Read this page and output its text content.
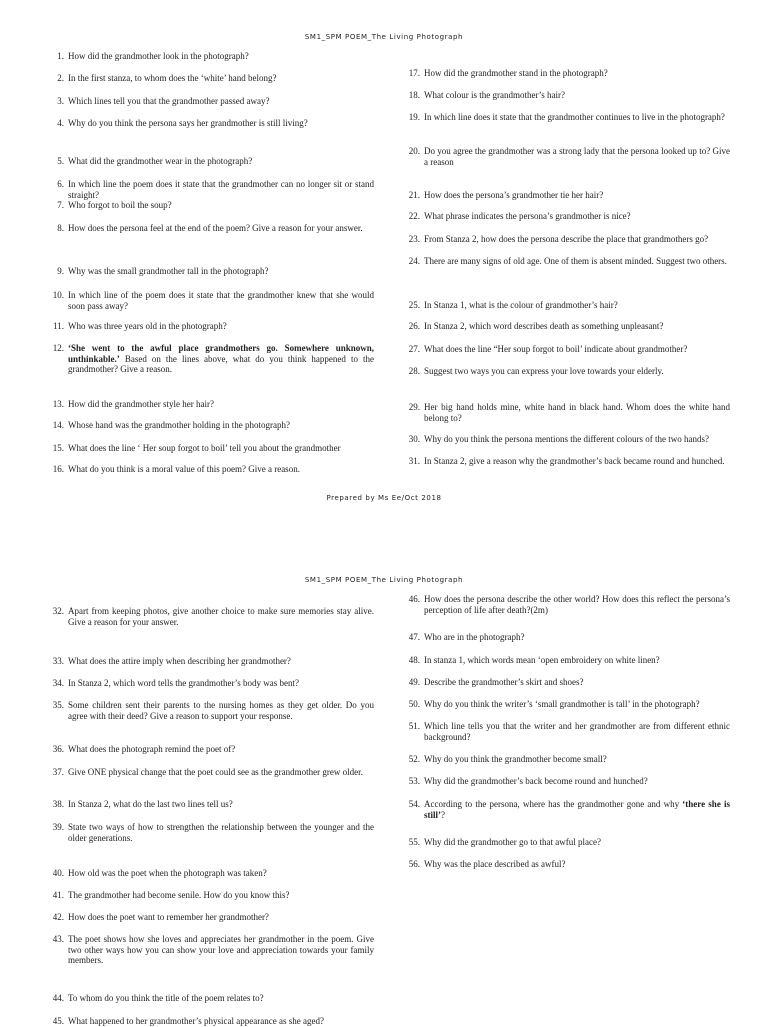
SM1_SPM POEM_The Living Photograph
Prepared by Ms Ee/Oct 2018
SM1_SPM POEM_The Living Photograph
1. How did the grandmother look in the photograph?
2. In the first stanza, to whom does the ‘white’ hand belong?
3. Which lines tell you that the grandmother passed away?
4. Why do you think the persona says her grandmother is still living?
5. What did the grandmother wear in the photograph?
6. In which line the poem does it state that the grandmother can no longer sit or stand straight?
7. Who forgot to boil the soup?
8. How does the persona feel at the end of the poem? Give a reason for your answer.
9. Why was the small grandmother tall in the photograph?
10. In which line of the poem does it state that the grandmother knew that she would soon pass away?
11. Who was three years old in the photograph?
12. ‘She went to the awful place grandmothers go. Somewhere unknown, unthinkable.’ Based on the lines above, what do you think happened to the grandmother? Give a reason.
13. How did the grandmother style her hair?
14. Whose hand was the grandmother holding in the photograph?
15. What does the line ‘ Her soup forgot to boil’ tell you about the grandmother
16. What do you think is a moral value of this poem? Give a reason.
17. How did the grandmother stand in the photograph?
18. What colour is the grandmother’s hair?
19. In which line does it state that the grandmother continues to live in the photograph?
20. Do you agree the grandmother was a strong lady that the persona looked up to? Give a reason
21. How does the persona’s grandmother tie her hair?
22. What phrase indicates the persona’s grandmother is nice?
23. From Stanza 2, how does the persona describe the place that grandmothers go?
24. There are many signs of old age. One of them is absent minded. Suggest two others.
25. In Stanza 1, what is the colour of grandmother’s hair?
26. In Stanza 2, which word describes death as something unpleasant?
27. What does the line “Her soup forgot to boil’ indicate about grandmother?
28. Suggest two ways you can express your love towards your elderly.
29. Her big hand holds mine, white hand in black hand. Whom does the white hand belong to?
30. Why do you think the persona mentions the different colours of the two hands?
31. In Stanza 2, give a reason why the grandmother’s back became round and hunched.
32. Apart from keeping photos, give another choice to make sure memories stay alive. Give a reason for your answer.
33. What does the attire imply when describing her grandmother?
34. In Stanza 2, which word tells the grandmother’s body was bent?
35. Some children sent their parents to the nursing homes as they get older. Do you agree with their deed? Give a reason to support your response.
36. What does the photograph remind the poet of?
37. Give ONE physical change that the poet could see as the grandmother grew older.
38. In Stanza 2, what do the last two lines tell us?
39. State two ways of how to strengthen the relationship between the younger and the older generations.
40. How old was the poet when the photograph was taken?
41. The grandmother had become senile. How do you know this?
42. How does the poet want to remember her grandmother?
43. The poet shows how she loves and appreciates her grandmother in the poem. Give two other ways how you can show your love and appreciation towards your family members.
44. To whom do you think the title of the poem relates to?
45. What happened to her grandmother’s physical appearance as she aged?
46. How does the persona describe the other world? How does this reflect the persona’s perception of life after death?(2m)
47. Who are in the photograph?
48. In stanza 1, which words mean ‘open embroidery on white linen?
49. Describe the grandmother’s skirt and shoes?
50. Why do you think the writer’s ‘small grandmother is tall’ in the photograph?
51. Which line tells you that the writer and her grandmother are from different ethnic background?
52. Why do you think the grandmother become small?
53. Why did the grandmother’s back become round and hunched?
54. According to the persona, where has the grandmother gone and why ‘there she is still’?
55. Why did the grandmother go to that awful place?
56. Why was the place described as awful?
